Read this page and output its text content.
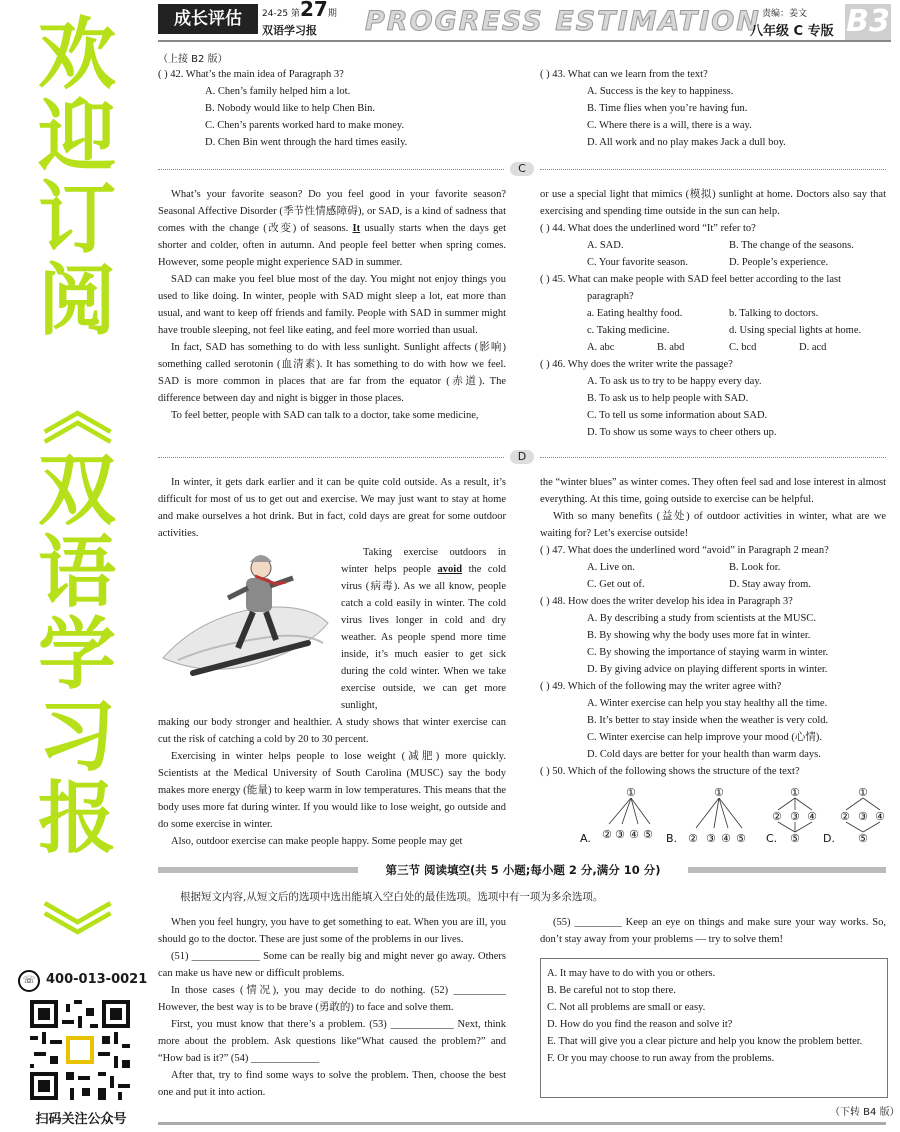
欢
迎
订
阅
《
双
语
学
习
报
》
☏ 400-013-0021
扫码关注公众号
成长评估	24-25 第27期
双语学习报 PROGRESS ESTIMATION 责编：姜文
八年级 C 专版 B3
（上接 B2 版）

( ) 42. What’s the main idea of Paragraph 3?

A. Chen’s family helped him a lot.
B. Nobody would like to help Chen Bin.
C. Chen’s parents worked hard to make money.
D. Chen Bin went through the hard times easily.

( ) 43. What can we learn from the text?

A. Success is the key to happiness.
B. Time flies when you’re having fun.
C. Where there is a will, there is a way.
D. All work and no play makes Jack a dull boy.
C

What’s your favorite season? Do you feel good in your favorite season? Seasonal Affective Disorder (季节性情感障碍), or SAD, is a kind of sadness that comes with the change (改变) of seasons. It usually starts when the days get shorter and colder, often in autumn. And people feel better when spring comes. However, some people might experience SAD in summer.

SAD can make you feel blue most of the day. You might not enjoy things you used to like doing. In winter, people with SAD might sleep a lot, eat more than usual, and want to keep off friends and family. People with SAD in summer might have trouble sleeping, not feel like eating, and feel more worried than usual.

In fact, SAD has something to do with less sunlight. Sunlight affects (影响) something called serotonin (血清素). It has something to do with how we feel. SAD is more common in places that are far from the equator (赤道). The difference between day and night is bigger in those places.

To feel better, people with SAD can talk to a doctor, take some medicine,

or use a special light that mimics (模拟) sunlight at home. Doctors also say that exercising and spending time outside in the sun can help.

( ) 44. What does the underlined word “It” refer to?

A. SAD.	B. The change of the seasons.
C. Your favorite season.	D. People’s experience.

( ) 45. What can make people with SAD feel better according to the last paragraph?

a. Eating healthy food.	b. Talking to doctors.
c. Taking medicine.	d. Using special lights at home.
A. abc	B. abd	C. bcd	D. acd

( ) 46. Why does the writer write the passage?

A. To ask us to try to be happy every day.
B. To ask us to help people with SAD.
C. To tell us some information about SAD.
D. To show us some ways to cheer others up.
D

In winter, it gets dark earlier and it can be quite cold outside. As a result, it’s difficult for most of us to get out and exercise. We may just want to stay at home and make ourselves a hot drink. But in fact, cold days are great for some outdoor activities.

Taking exercise outdoors in winter helps people avoid the cold virus (病毒). As we all know, people catch a cold easily in winter. The cold virus lives longer in cold and dry weather. As people spend more time inside, it’s much easier to get sick during the cold winter. When we take exercise outside, we can get more sunlight,

making our body stronger and healthier. A study shows that winter exercise can cut the risk of catching a cold by 20 to 30 percent.

Exercising in winter helps people to lose weight (减肥) more quickly. Scientists at the Medical University of South Carolina (MUSC) say the body makes more energy (能量) to keep warm in low temperatures. This means that the body uses more fat during winter. If you would like to lose weight, go outside and do some exercise in winter.

Also, outdoor exercise can make people happy. Some people may get

the “winter blues” as winter comes. They often feel sad and lose interest in almost everything. At this time, going outside to exercise can be helpful.

With so many benefits (益处) of outdoor activities in winter, what are we waiting for? Let’s exercise outside!

( ) 47. What does the underlined word “avoid” in Paragraph 2 mean?

A. Live on.	B. Look for.
C. Get out of.	D. Stay away from.

( ) 48. How does the writer develop his idea in Paragraph 3?

A. By describing a study from scientists at the MUSC.
B. By showing why the body uses more fat in winter.
C. By showing the importance of staying warm in winter.
D. By giving advice on playing different sports in winter.

( ) 49. Which of the following may the writer agree with?

A. Winter exercise can help you stay healthy all the time.
B. It’s better to stay inside when the weather is very cold.
C. Winter exercise can help improve your mood (心情).
D. Cold days are better for your health than warm days.

( ) 50. Which of the following shows the structure of the text?

A.
①
② ③ ④ ⑤ B.
①
② ③ ④ ⑤ C.
①
② ③ ④
⑤ D.
①
② ③ ④
⑤
第三节 阅读填空(共 5 小题;每小题 2 分,满分 10 分)
根据短文内容,从短文后的选项中选出能填入空白处的最佳选项。选项中有一项为多余选项。

When you feel hungry, you have to get something to eat. When you are ill, you should go to the doctor. These are just some of the problems in our lives.

(51) _____________ Some can be really big and might never go away. Others can make us have new or difficult problems.

In those cases (情况), you may decide to do nothing. (52) __________ However, the best way is to be brave (勇敢的) to face and solve them.

First, you must know that there’s a problem. (53) ____________ Next, think more about the problem. Ask questions like“What caused the problem?” and “How bad is it?” (54) _____________

After that, try to find some ways to solve the problem. Then, choose the best one and put it into action.

(55) _________ Keep an eye on things and make sure your way works. So, don’t stay away from your problems — try to solve them!

A. It may have to do with you or others.
B. Be careful not to stop there.
C. Not all problems are small or easy.
D. How do you find the reason and solve it?
E. That will give you a clear picture and help you know the problem better.
F. Or you may choose to run away from the problems.
（下转 B4 版）
